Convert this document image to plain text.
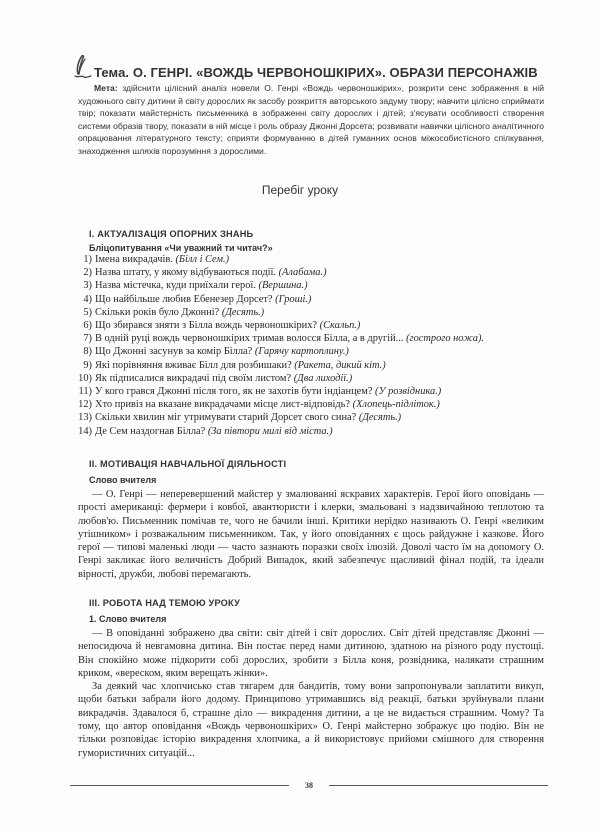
Тема. О. ГЕНРІ. «ВОЖДЬ ЧЕРВОНОШКІРИХ». ОБРАЗИ ПЕРСОНАЖІВ
Мета: здійснити цілісний аналіз новели О. Генрі «Вождь червоношкірих», розкрити сенс зображення в ній художнього світу дитини й світу дорослих як засобу розкриття авторського задуму твору; навчити цілісно сприймати твір; показати майстерність письменника в зображенні світу дорослих і дітей; з'ясувати особливості створення системи образів твору, показати в ній місце і роль образу Джонні Дорсета; розвивати навички цілісного аналітичного опрацювання літературного тексту; сприяти формуванню в дітей гуманних основ міжособистісного спілкування, знаходження шляхів порозуміння з дорослими.
Перебіг уроку
І. АКТУАЛІЗАЦІЯ ОПОРНИХ ЗНАНЬ
Бліцопитування «Чи уважний ти читач?»
1) Імена викрадачів. (Білл і Сем.)
2) Назва штату, у якому відбуваються події. (Алабама.)
3) Назва містечка, куди приїхали герої. (Вершина.)
4) Що найбільше любив Ебенезер Дорсет? (Гроші.)
5) Скільки років було Джонні? (Десять.)
6) Що збирався зняти з Білла вождь червоношкірих? (Скальп.)
7) В одній руці вождь червоношкірих тримав волосся Білла, а в другій... (гострого ножа).
8) Що Джонні засунув за комір Білла? (Гарячу картоплину.)
9) Які порівняння вживає Білл для розбишаки? (Ракета, дикий кіт.)
10) Як підписалися викрадачі під своїм листом? (Два лиходії.)
11) У кого грався Джонні після того, як не захотів бути індіанцем? (У розвідника.)
12) Хто привіз на вказане викрадачами місце лист-відповідь? (Хлопець-підліток.)
13) Скільки хвилин міг утримувати старий Дорсет свого сина? (Десять.)
14) Де Сем наздогнав Білла? (За півтори милі від міста.)
ІІ. МОТИВАЦІЯ НАВЧАЛЬНОЇ ДІЯЛЬНОСТІ
Слово вчителя

— О. Генрі — неперевершений майстер у змалюванні яскравих характерів. Герої його оповідань — прості американці: фермери і ковбої, авантюристи і клерки, змальовані з надзвичайною теплотою та любов'ю. Письменник помічав те, чого не бачили інші. Критики нерідко називають О. Генрі «великим утішником» і розважальним письменником. Так, у його оповіданнях є щось райдужне і казкове. Його герої — типові маленькі люди — часто зазнають поразки своїх ілюзій. Доволі часто їм на допомогу О. Генрі закликає його величність Добрий Випадок, який забезпечує щасливий фінал подій, та ідеали вірності, дружби, любові перемагають.

ІІІ. РОБОТА НАД ТЕМОЮ УРОКУ
1. Слово вчителя

— В оповіданні зображено два світи: світ дітей і світ дорослих. Світ дітей представляє Джонні — непосидюча й невгамовна дитина. Він постає перед нами дитиною, здатною на різного роду пустощі. Він спокійно може підкорити собі дорослих, зробити з Білла коня, розвідника, налякати страшним криком, «вереском, яким верещать жінки».

За деякий час хлопчисько став тягарем для бандитів, тому вони запропонували заплатити викуп, щоби батьки забрали його додому. Принципово утримавшись від реакції, батьки зруйнували плани викрадачів. Здавалося б, страшне діло — викрадення дитини, а це не видається страшним. Чому? Та тому, що автор оповідання «Вождь червоношкірих» О. Генрі майстерно зображує цю подію. Він не тільки розповідає історію викрадення хлопчика, а й використовує прийоми смішного для створення гумористичних ситуацій...

38
